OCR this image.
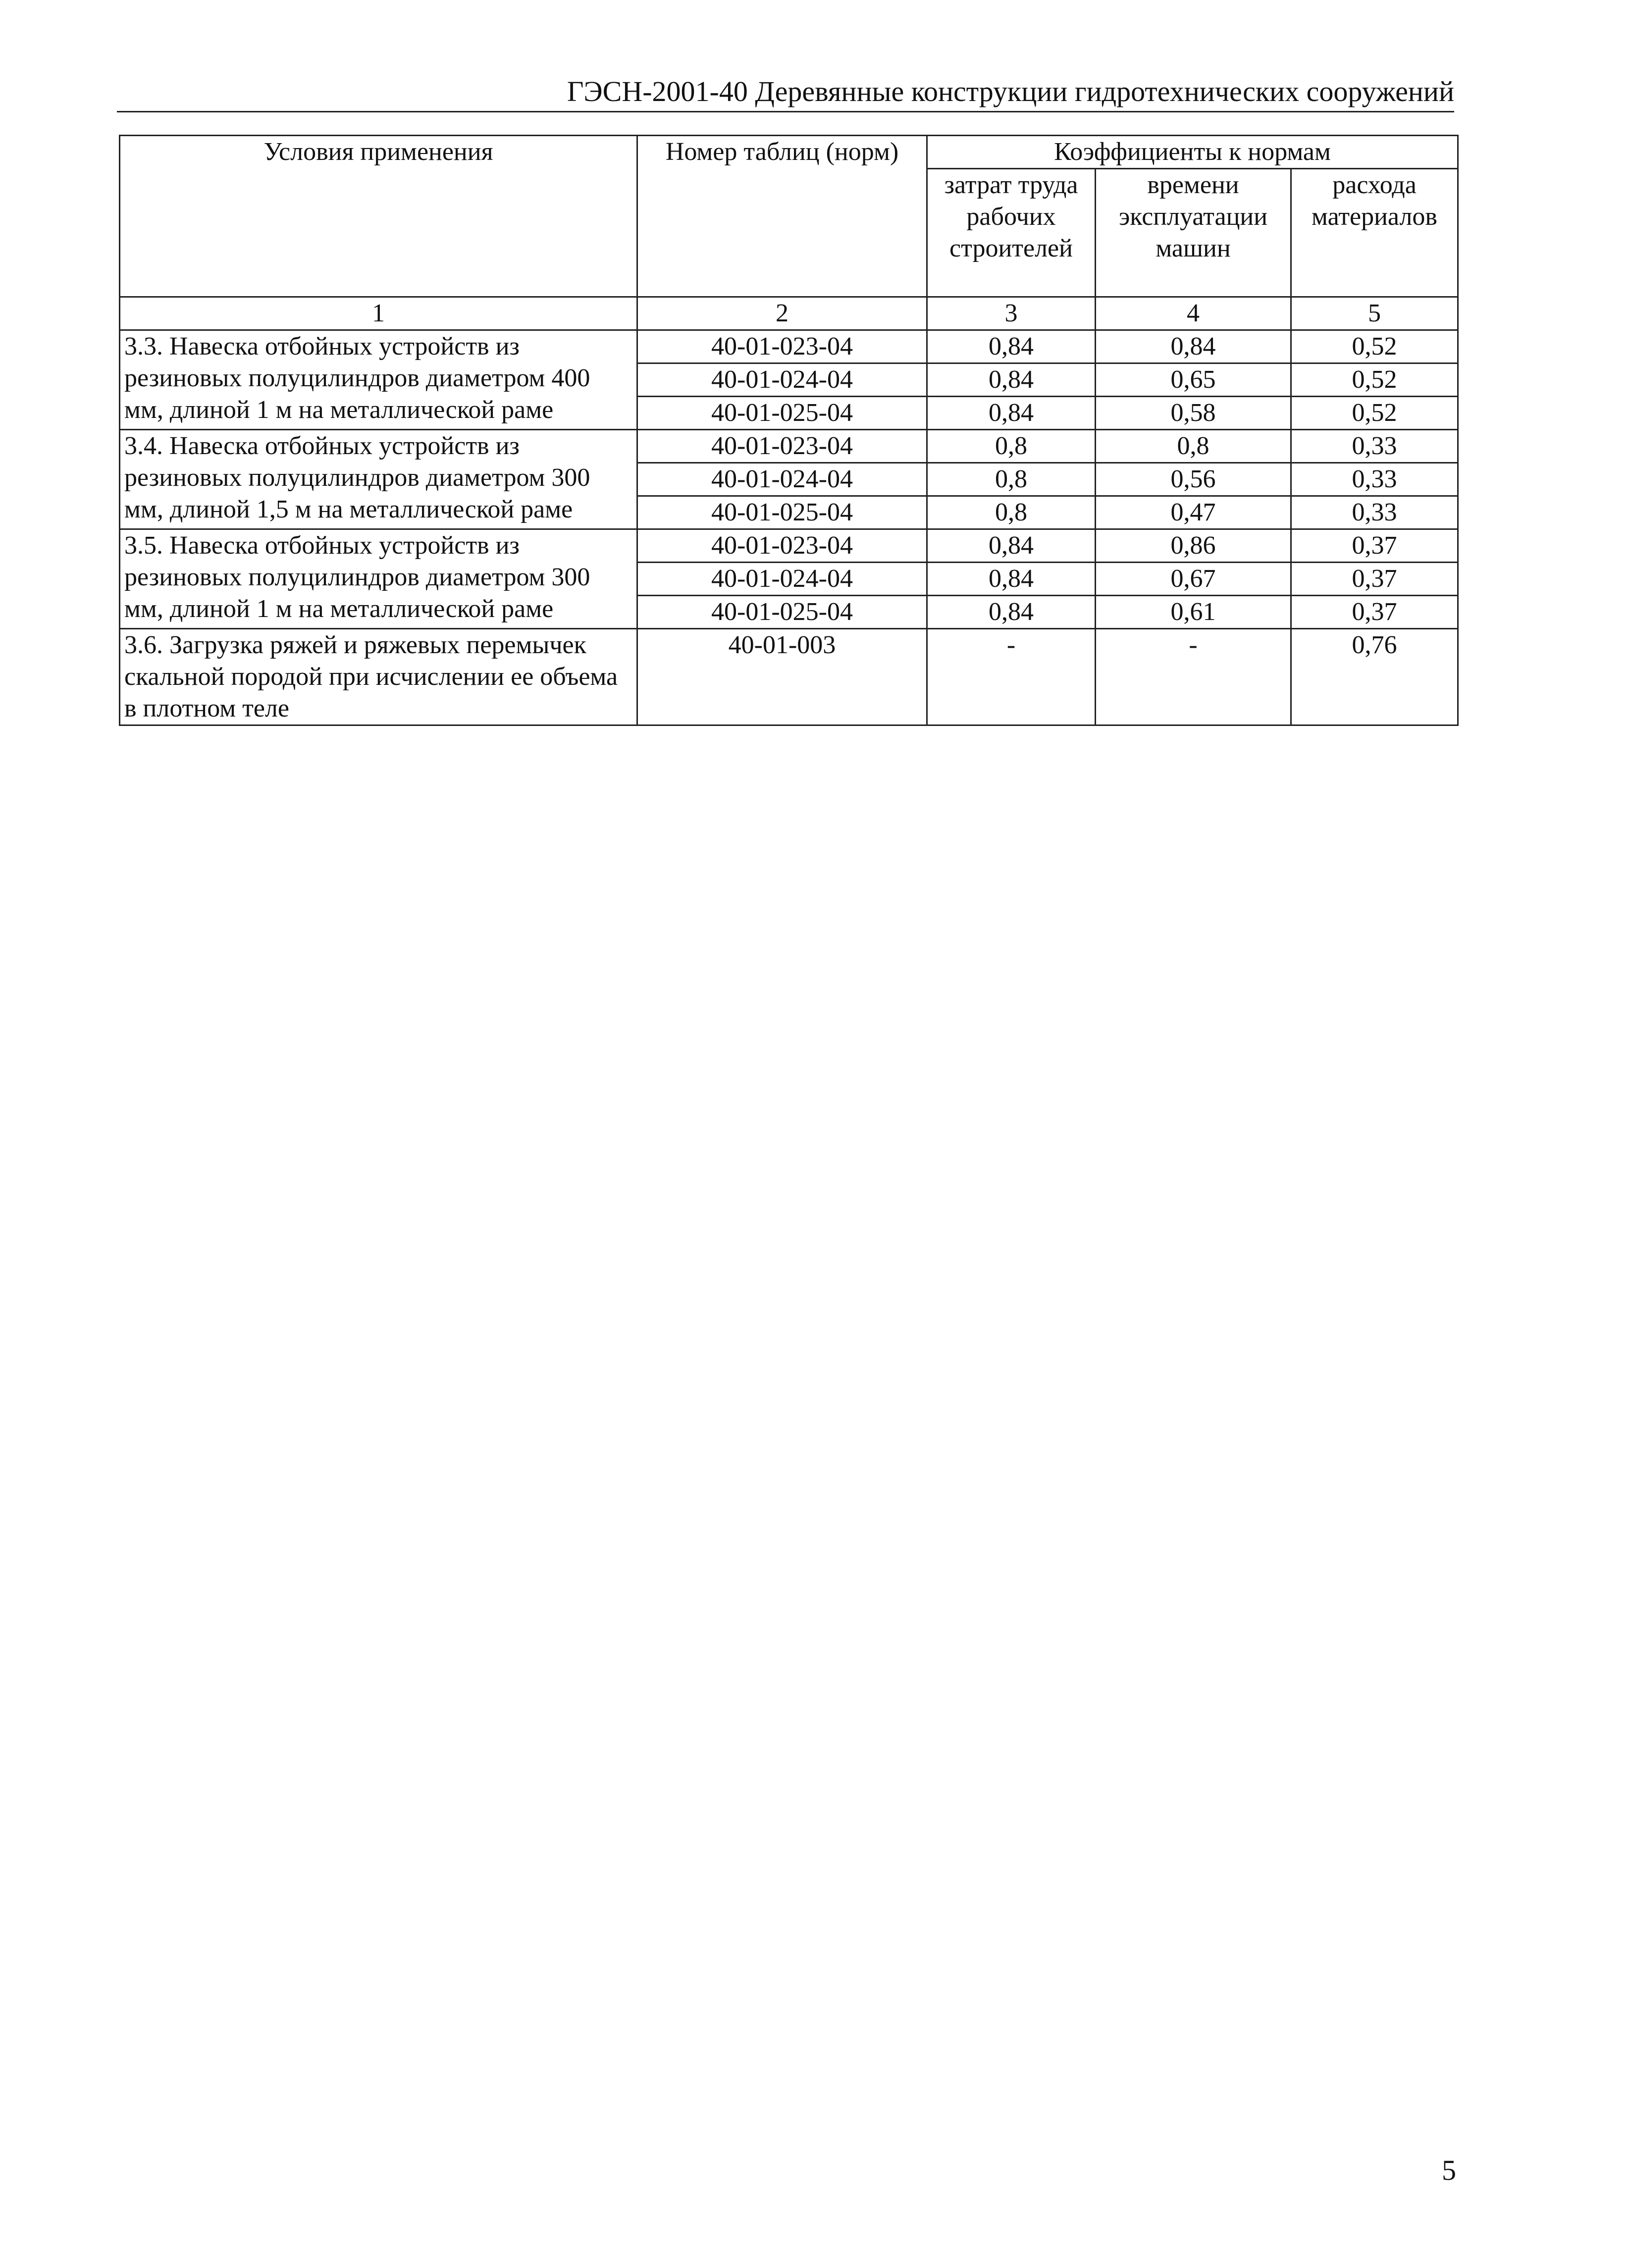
ГЭСН-2001-40 Деревянные конструкции гидротехнических сооружений
Условия применения	Номер таблиц (норм)	Коэффициенты к нормам		
		затрат труда рабочих строителей	времени эксплуатации машин	расхода материалов
1	2	3	4	5
3.3. Навеска отбойных устройств из резиновых полуцилиндров диаметром 400 мм, длиной 1 м на металлической раме	40-01-023-04	0,84	0,84	0,52
	40-01-024-04	0,84	0,65	0,52
	40-01-025-04	0,84	0,58	0,52
3.4. Навеска отбойных устройств из резиновых полуцилиндров диаметром 300 мм, длиной 1,5 м на металлической раме	40-01-023-04	0,8	0,8	0,33
	40-01-024-04	0,8	0,56	0,33
	40-01-025-04	0,8	0,47	0,33
3.5. Навеска отбойных устройств из резиновых полуцилиндров диаметром 300 мм, длиной 1 м на металлической раме	40-01-023-04	0,84	0,86	0,37
	40-01-024-04	0,84	0,67	0,37
	40-01-025-04	0,84	0,61	0,37
3.6. Загрузка ряжей и ряжевых перемычек скальной породой при исчислении ее объема в плотном теле	40-01-003	-	-	0,76
5
